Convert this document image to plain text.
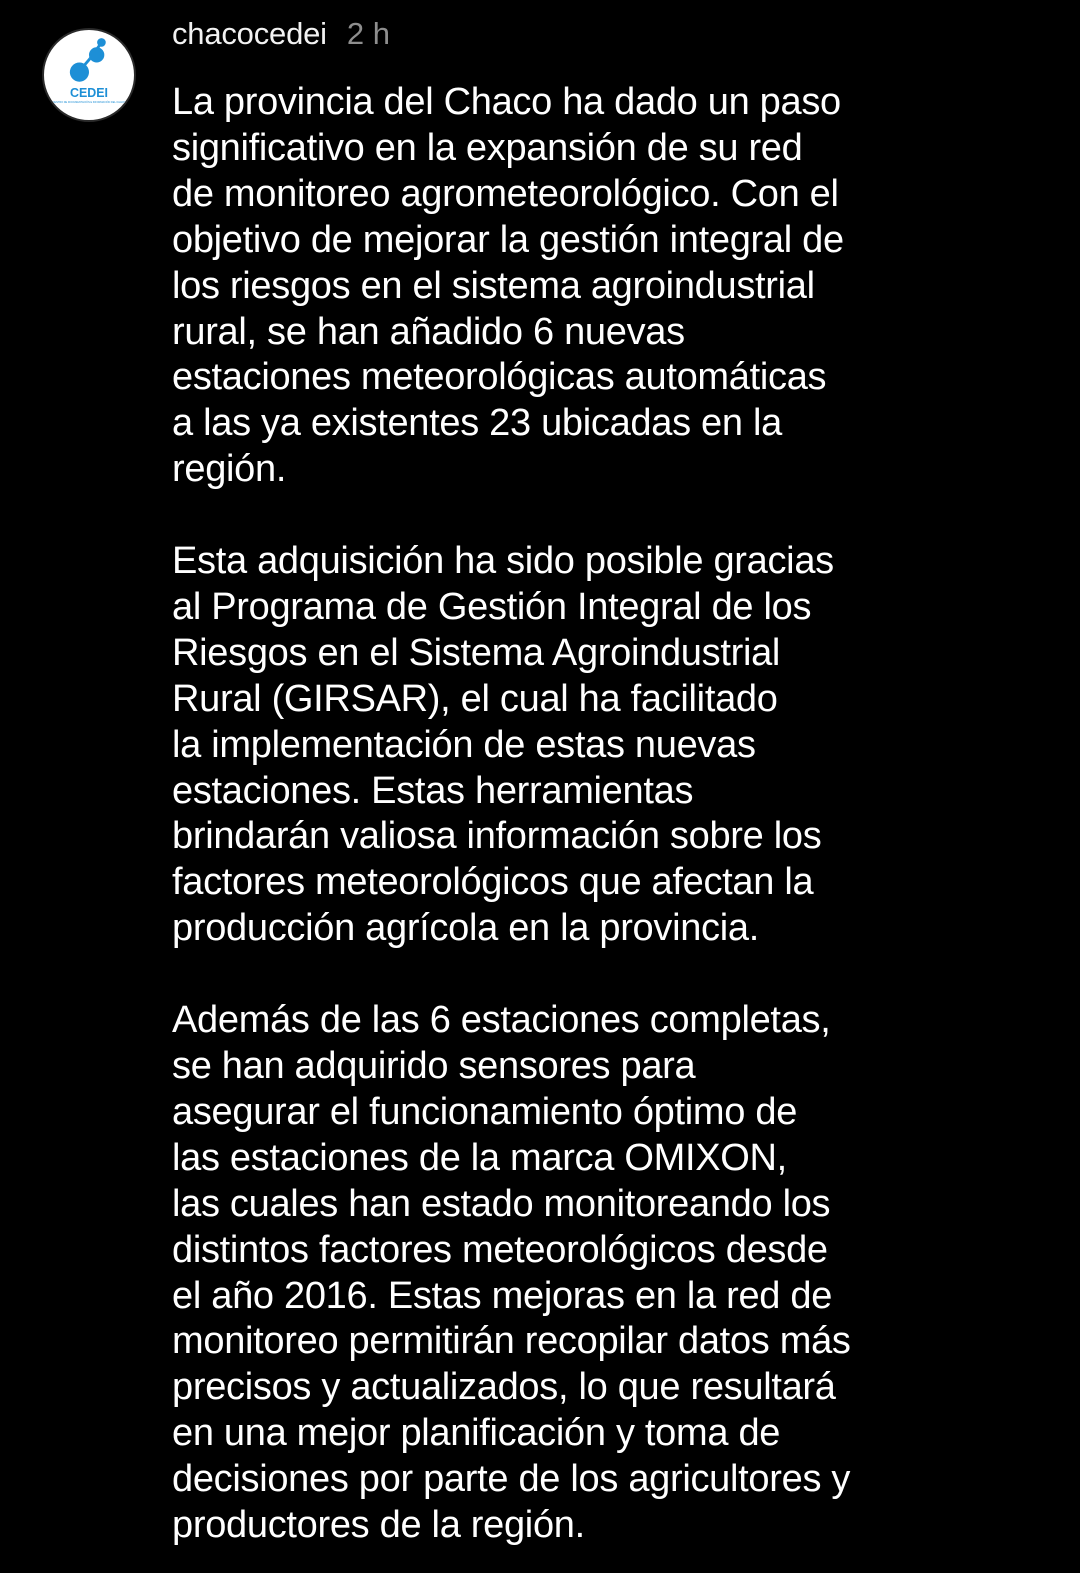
CEDEI
CENTRO DE DOCUMENTACIÓN E INFORMACIÓN DEL CHACO
chacocedei 2 h

La provincia del Chaco ha dado un paso
significativo en la expansión de su red
de monitoreo agrometeorológico. Con el
objetivo de mejorar la gestión integral de
los riesgos en el sistema agroindustrial
rural, se han añadido 6 nuevas
estaciones meteorológicas automáticas
a las ya existentes 23 ubicadas en la
región.

Esta adquisición ha sido posible gracias
al Programa de Gestión Integral de los
Riesgos en el Sistema Agroindustrial
Rural (GIRSAR), el cual ha facilitado
la implementación de estas nuevas
estaciones. Estas herramientas
brindarán valiosa información sobre los
factores meteorológicos que afectan la
producción agrícola en la provincia.

Además de las 6 estaciones completas,
se han adquirido sensores para
asegurar el funcionamiento óptimo de
las estaciones de la marca OMIXON,
las cuales han estado monitoreando los
distintos factores meteorológicos desde
el año 2016. Estas mejoras en la red de
monitoreo permitirán recopilar datos más
precisos y actualizados, lo que resultará
en una mejor planificación y toma de
decisiones por parte de los agricultores y
productores de la región.
